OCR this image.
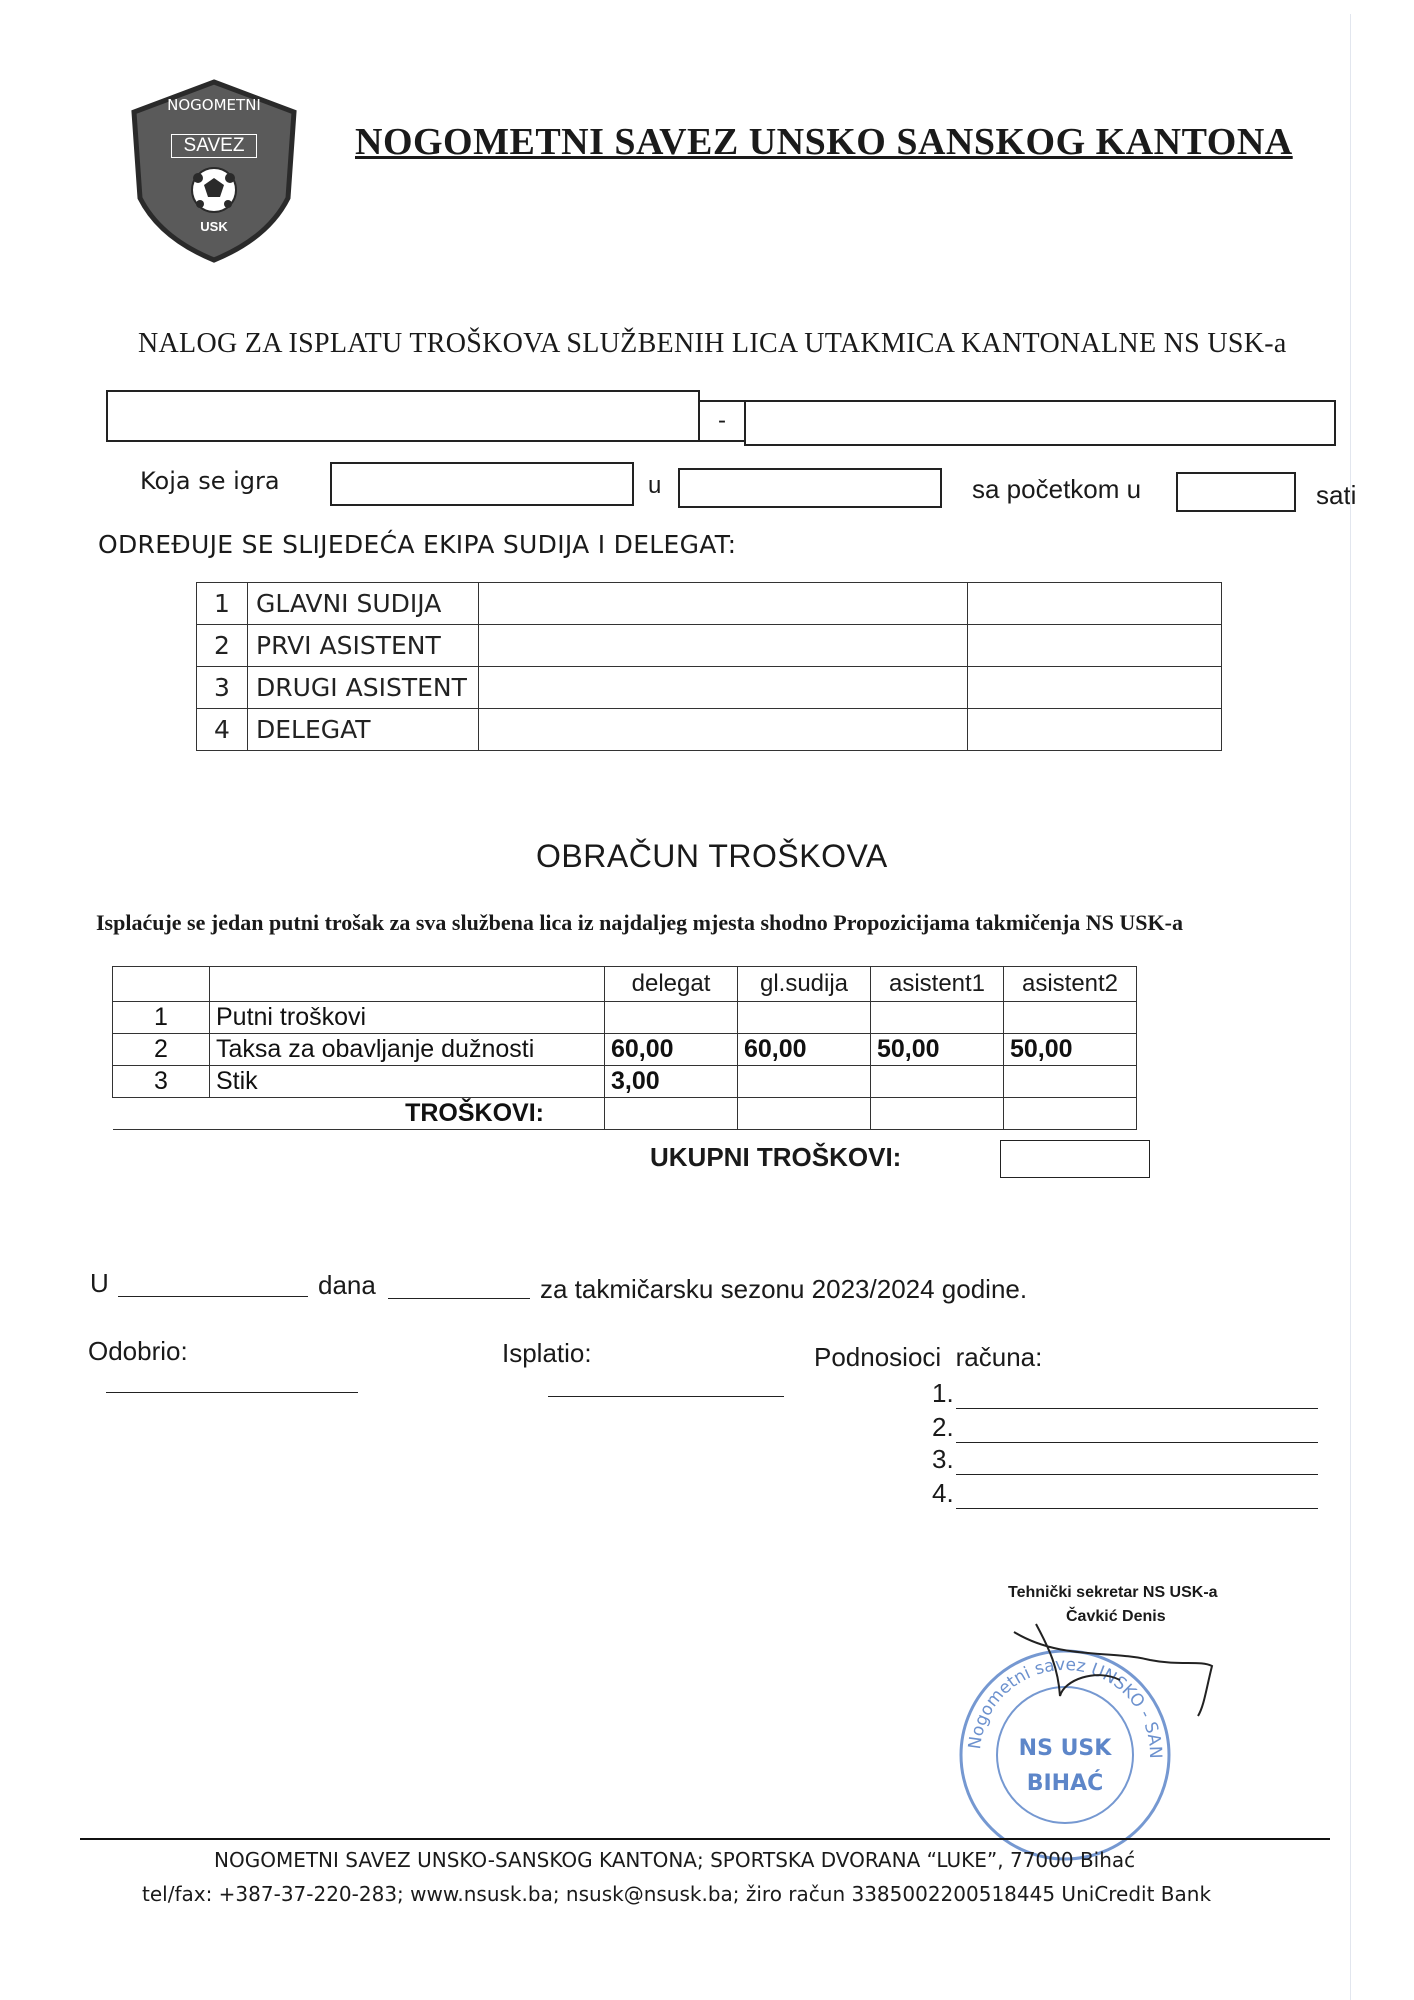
NOGOMETNI
SAVEZ
USK
NOGOMETNI SAVEZ UNSKO SANSKOG KANTONA
NALOG ZA ISPLATU TROŠKOVA SLUŽBENIH LICA UTAKMICA KANTONALNE NS USK-a
-
Koja se igra	u	sa početkom u	sati
ODREĐUJE SE SLIJEDEĆA EKIPA SUDIJA I DELEGAT:
1	GLAVNI SUDIJA		
2	PRVI ASISTENT		
3	DRUGI ASISTENT		
4	DELEGAT		
OBRAČUN TROŠKOVA
Isplaćuje se jedan putni trošak za sva službena lica iz najdaljeg mjesta shodno Propozicijama takmičenja NS USK-a
		delegat	gl.sudija	asistent1	asistent2
1	Putni troškovi				
2	Taksa za obavljanje dužnosti	60,00	60,00	50,00	50,00
3	Stik	3,00			
TROŠKOVI:					
UKUPNI TROŠKOVI:
U	dana	za takmičarsku sezonu 2023/2024 godine.
Odobrio:	Isplatio:	Podnosioci  računa:
1.
2.
3.
4.
Tehnički sekretar NS USK-a
Čavkić Denis
Nogometni savez UNSKO - SAN
NS USK
BIHAĆ
NOGOMETNI SAVEZ UNSKO-SANSKOG KANTONA; SPORTSKA DVORANA “LUKE”, 77000 Bihać
tel/fax: +387-37-220-283; www.nsusk.ba; nsusk@nsusk.ba; žiro račun 3385002200518445 UniCredit Bank
